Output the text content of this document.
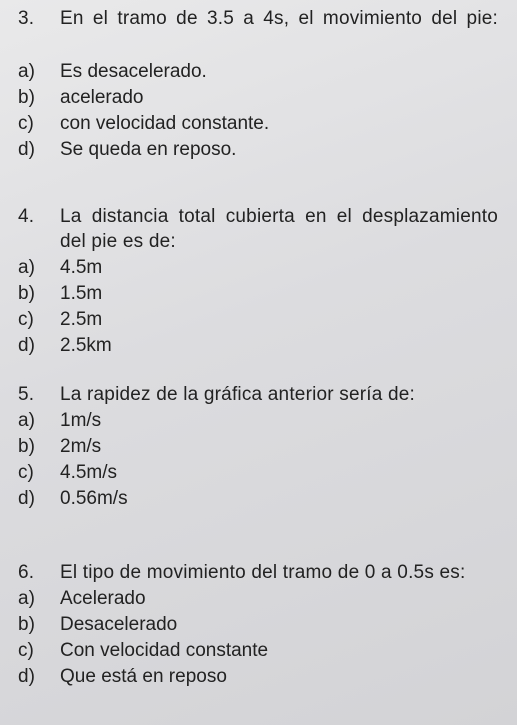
3.	En el tramo de 3.5 a 4s, el movimiento del pie:
a)	Es desacelerado.
b)	acelerado
c)	con velocidad constante.
d)	Se queda en reposo.
4.	La distancia total cubierta en el desplazamiento del pie es de:
a)	4.5m
b)	1.5m
c)	2.5m
d)	2.5km
5.	La rapidez de la gráfica anterior sería de:
a)	1m/s
b)	2m/s
c)	4.5m/s
d)	0.56m/s
6.	El tipo de movimiento del tramo de 0 a 0.5s es:
a)	Acelerado
b)	Desacelerado
c)	Con velocidad constante
d)	Que está en reposo
